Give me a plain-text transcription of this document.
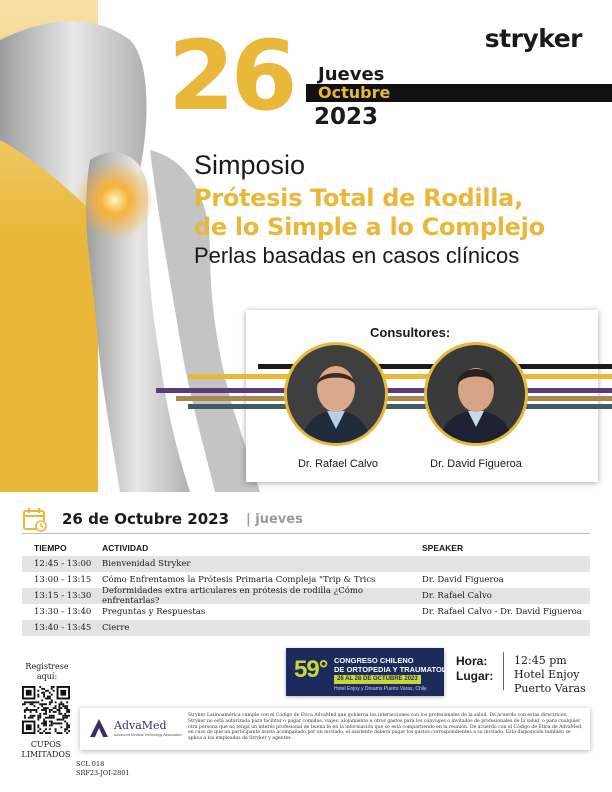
stryker
26 Jueves
Octubre
2023
Simposio
Prótesis Total de Rodilla,
de lo Simple a lo Complejo
Perlas basadas en casos clínicos
Consultores:
Dr. Rafael Calvo	Dr. David Figueroa
26 de Octubre 2023 | jueves
TIEMPO	ACTIVIDAD	SPEAKER
12:45 - 13:00	Bienvenidad Stryker
13:00 - 13:15	Cómo Enfrentamos la Prótesis Primaria Compleja "Trip & Trics	Dr. David Figueroa
13:15 - 13:30	Deformidades extra articulares en prótesis de rodilla ¿Cómo enfrentarlas?	Dr. Rafael Calvo
13:30 - 13:40	Preguntas y Respuestas	Dr. Rafael Calvo - Dr. David Figueroa
13:40 - 13:45	Cierre
Registrese
aquí:
CUPOS
LIMITADOS
SCL 018
SRF23-JOI-2801
59° CONGRESO CHILENO
DE ORTOPEDIA Y TRAUMATOLOGÍA
26 AL 28 DE OCTUBRE 2023
Hotel Enjoy y Dreams Puerto Varas, Chile
Hora:
Lugar:
12:45 pm
Hotel Enjoy
Puerto Varas
AdvaMed
Advanced Medical Technology Association
Stryker Latinoamérica cumple con el Código de Ética AdvaMed que gobierna las interacciones con los profesionales de la salud. De acuerdo con estas directrices, Stryker no está autorizada para facilitar o pagar comidas, viajes, alojamiento u otros gastos para los cónyuges o invitados de profesionales de la salud, o para cualquier otra persona que no tenga un interés profesional de buena fe en la información que se está compartiendo en la reunión. De acuerdo con el Código de Ética de AdvaMed, en caso de que un participante asista acompañado por un invitado, el asistente deberá pagar los gastos correspondientes a su invitado. Esta disposición también se aplica a los empleados de Stryker y agentes.
